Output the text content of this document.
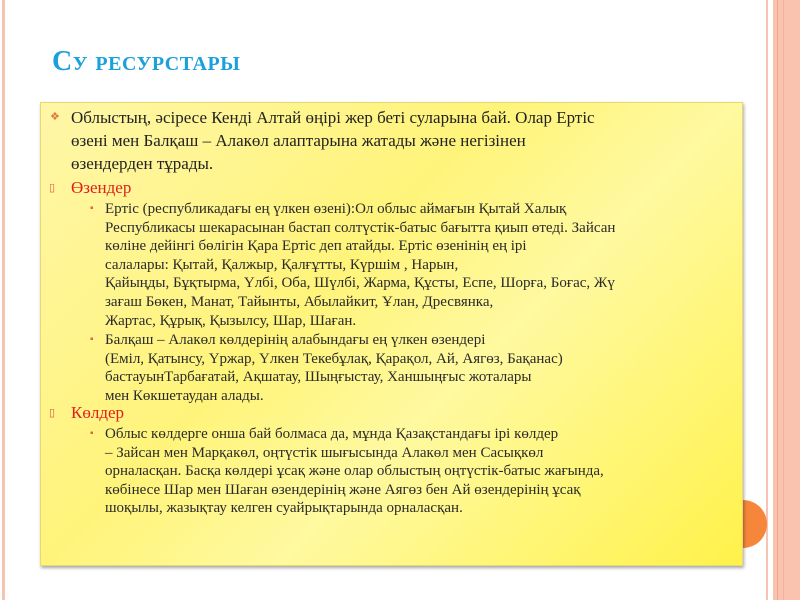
Су ресурстары
❖ Облыстың, әсіресе Кенді Алтай өңірі жер беті суларына бай. Олар Ертіс
өзені мен Балқаш – Алакөл алаптарына жатады және негізінен
өзендерден тұрады.
▯ Өзендер
▪ Ертіс (республикадағы ең үлкен өзені):Ол облыс аймағын Қытай Халық
Республикасы шекарасынан бастап солтүстік-батыс бағытта қиып өтеді. Зайсан
көліне дейінгі бөлігін Қара Ертіс деп атайды. Ертіс өзенінің ең ірі
салалары: Қытай, Қалжыр, Қалғұтты, Күршім , Нарын,
Қайыңды, Бұқтырма, Үлбі, Оба, Шүлбі, Жарма, Құсты, Еспе, Шорға, Боғас, Жү
зағаш Бөкен, Манат, Тайынты, Абылайкит, Ұлан, Дресвянка,
Жартас, Құрық, Қызылсу, Шар, Шаған.
▪ Балқаш – Алакөл көлдерінің алабындағы ең үлкен өзендері
(Еміл, Қатынсу, Үржар, Үлкен Текебұлақ, Қарақол, Ай, Аягөз, Бақанас)
бастауынТарбағатай, Ақшатау, Шыңғыстау, Ханшыңғыс жоталары
мен Көкшетаудан алады.
▯ Көлдер
▪ Облыс көлдерге онша бай болмаса да, мұнда Қазақстандағы ірі көлдер
– Зайсан мен Марқакөл, оңтүстік шығысында Алакөл мен Сасықкөл
орналасқан. Басқа көлдері ұсақ және олар облыстың оңтүстік-батыс жағында,
көбінесе Шар мен Шаған өзендерінің және Аягөз бен Ай өзендерінің ұсақ
шоқылы, жазықтау келген суайрықтарында орналасқан.
